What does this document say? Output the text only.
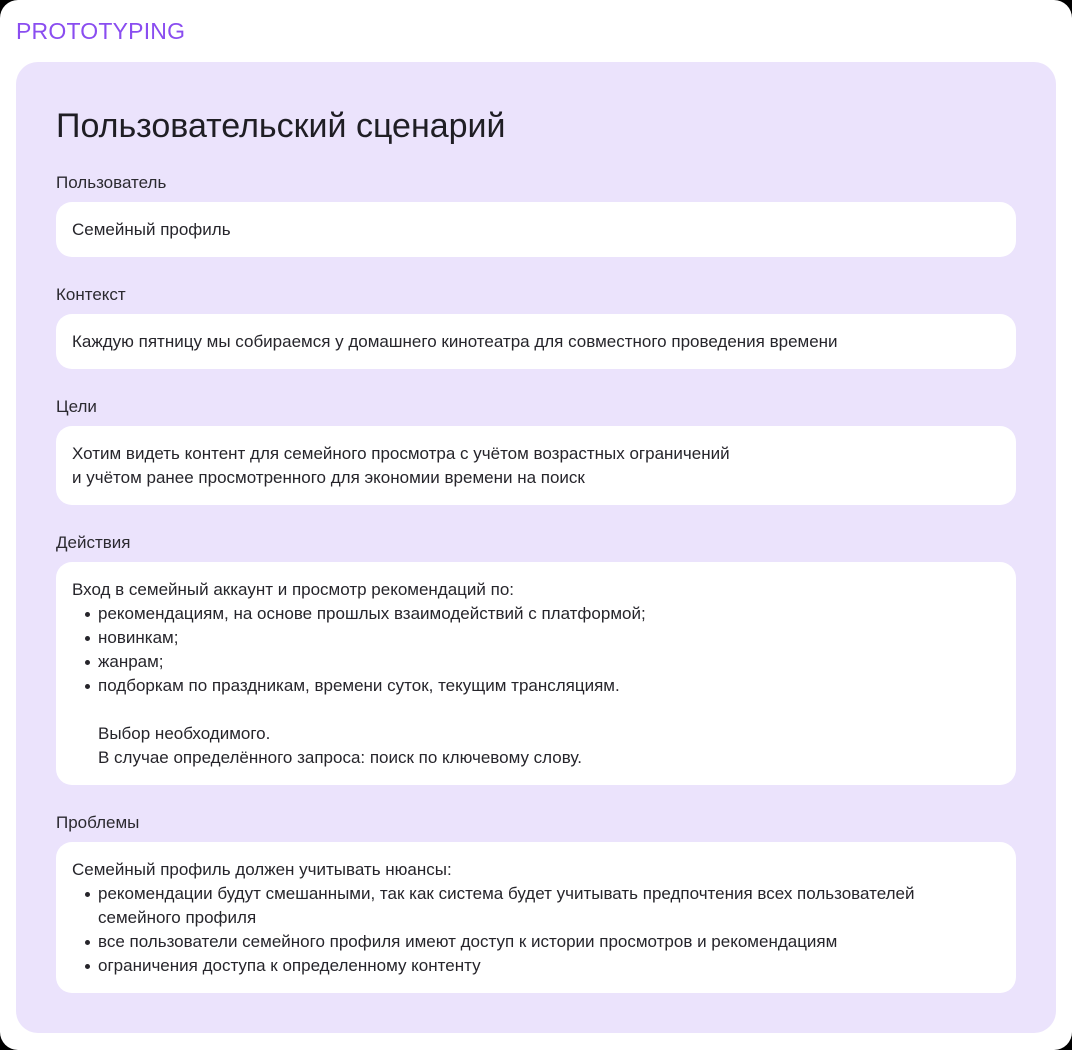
PROTOTYPING
Пользовательский сценарий
Пользователь

Семейный профиль

Контекст

Каждую пятницу мы собираемся у домашнего кинотеатра для совместного проведения времени

Цели

Хотим видеть контент для семейного просмотра с учётом возрастных ограничений

и учётом ранее просмотренного для экономии времени на поиск

Действия

Вход в семейный аккаунт и просмотр рекомендаций по:

рекомендациям, на основе прошлых взаимодействий с платформой;
новинкам;
жанрам;
подборкам по праздникам, времени суток, текущим трансляциям.

Выбор необходимого.

В случае определённого запроса: поиск по ключевому слову.

Проблемы

Семейный профиль должен учитывать нюансы:

рекомендации будут смешанными, так как система будет учитывать предпочтения всех пользователей семейного профиля
все пользователи семейного профиля имеют доступ к истории просмотров и рекомендациям
ограничения доступа к определенному контенту
